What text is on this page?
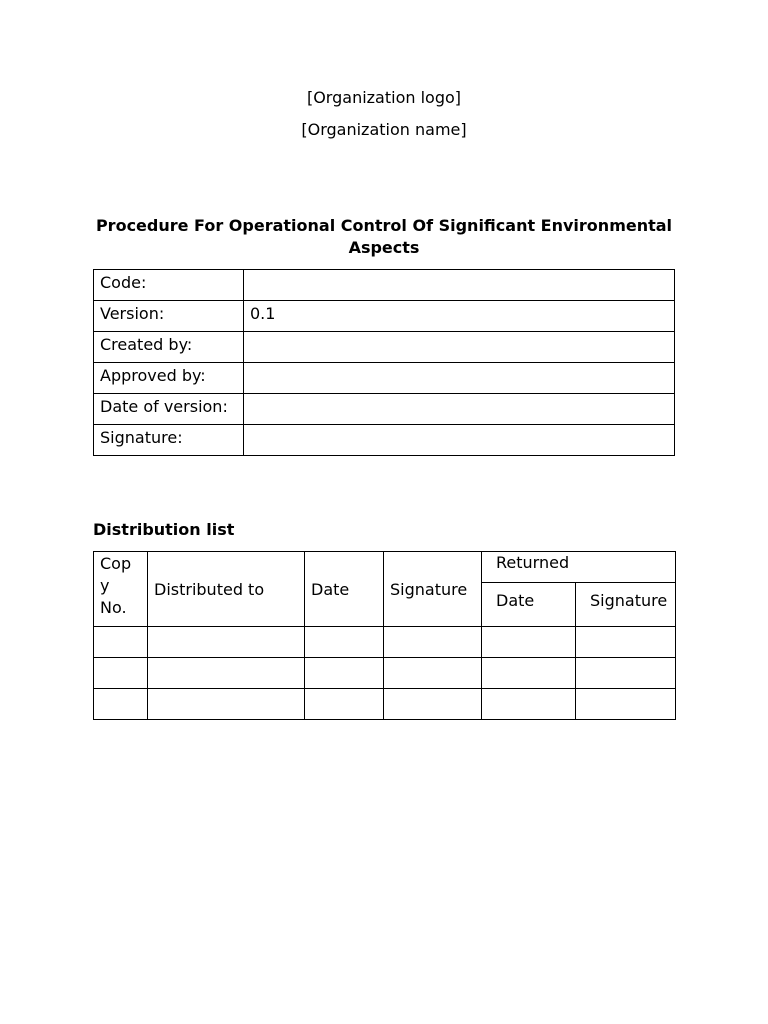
[Organization logo]
[Organization name]
Procedure For Operational Control Of Significant Environmental Aspects
Code:	
Version:	0.1
Created by:	
Approved by:	
Date of version:	
Signature:	
Distribution list
Cop
y
No.	Distributed to	Date	Signature	Returned	
				Date	Signature
